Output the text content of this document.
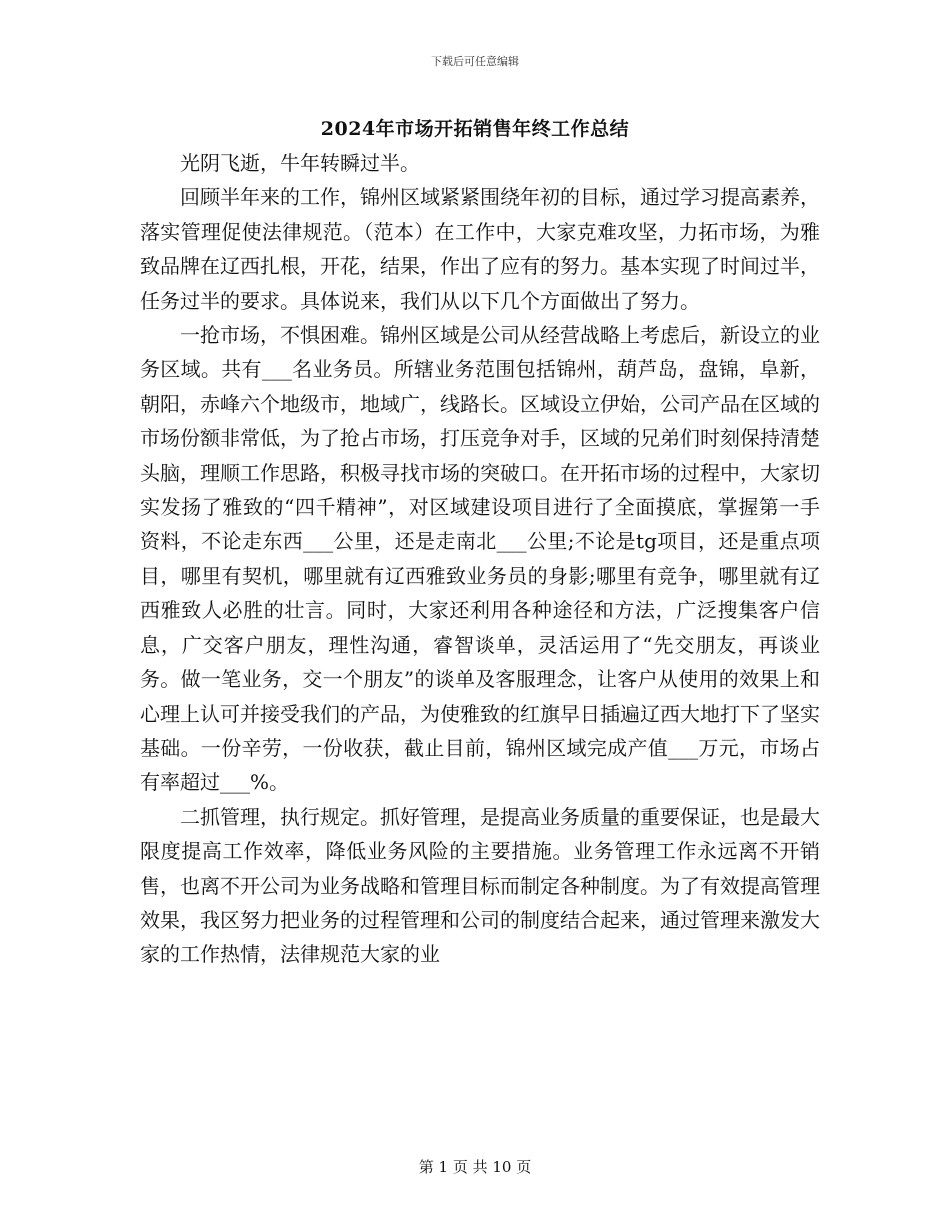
下载后可任意编辑
2024年市场开拓销售年终工作总结

光阴飞逝，牛年转瞬过半。

回顾半年来的工作，锦州区域紧紧围绕年初的目标，通过学习提高素养，落实管理促使法律规范。（范本）在工作中，大家克难攻坚，力拓市场，为雅致品牌在辽西扎根，开花，结果，作出了应有的努力。基本实现了时间过半，任务过半的要求。具体说来，我们从以下几个方面做出了努力。

一抢市场，不惧困难。锦州区域是公司从经营战略上考虑后，新设立的业务区域。共有___名业务员。所辖业务范围包括锦州，葫芦岛，盘锦，阜新，朝阳，赤峰六个地级市，地域广，线路长。区域设立伊始，公司产品在区域的市场份额非常低，为了抢占市场，打压竞争对手，区域的兄弟们时刻保持清楚头脑，理顺工作思路，积极寻找市场的突破口。在开拓市场的过程中，大家切实发扬了雅致的“四千精神”，对区域建设项目进行了全面摸底，掌握第一手资料，不论走东西___公里，还是走南北___公里;不论是tg项目，还是重点项目，哪里有契机，哪里就有辽西雅致业务员的身影;哪里有竞争，哪里就有辽西雅致人必胜的壮言。同时，大家还利用各种途径和方法，广泛搜集客户信息，广交客户朋友，理性沟通，睿智谈单，灵活运用了“先交朋友，再谈业务。做一笔业务，交一个朋友”的谈单及客服理念，让客户从使用的效果上和心理上认可并接受我们的产品，为使雅致的红旗早日插遍辽西大地打下了坚实基础。一份辛劳，一份收获，截止目前，锦州区域完成产值___万元，市场占有率超过___%。

二抓管理，执行规定。抓好管理，是提高业务质量的重要保证，也是最大限度提高工作效率，降低业务风险的主要措施。业务管理工作永远离不开销售，也离不开公司为业务战略和管理目标而制定各种制度。为了有效提高管理效果，我区努力把业务的过程管理和公司的制度结合起来，通过管理来激发大家的工作热情，法律规范大家的业

第 1 页 共 10 页
